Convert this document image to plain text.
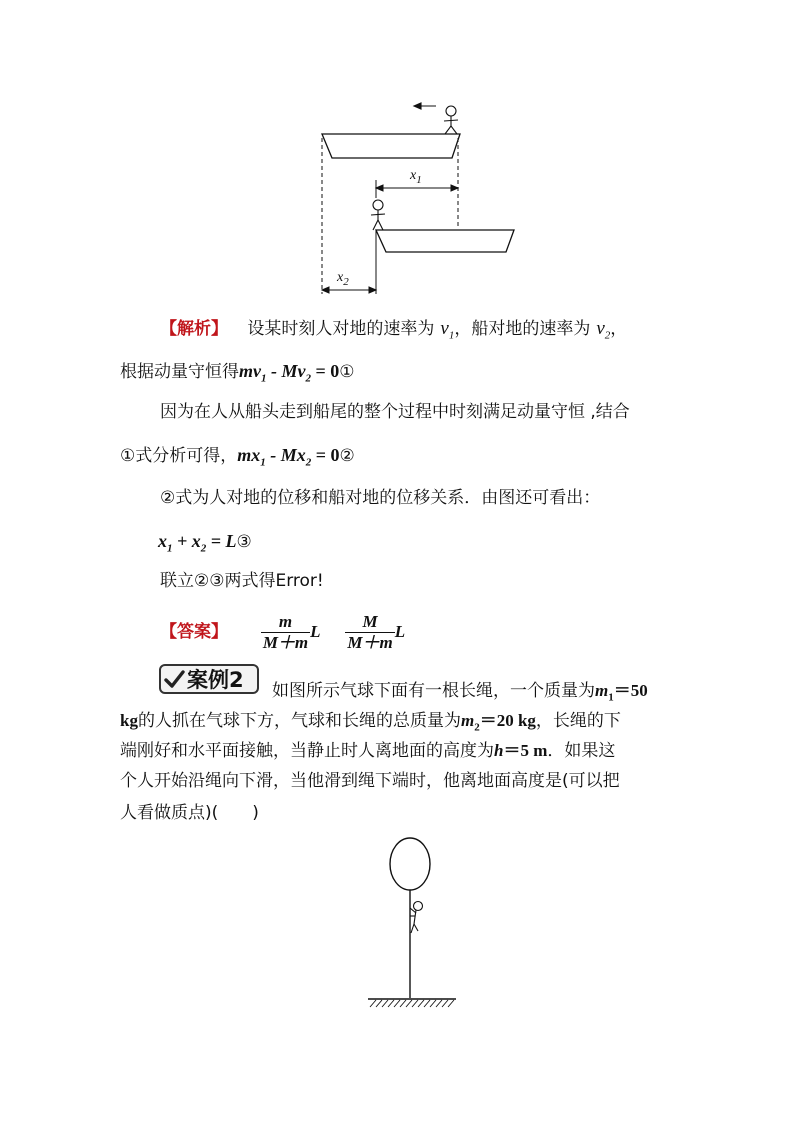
$x_1$
$x_2$
【解析】 设某时刻人对地的速率为 $v_1$，船对地的速率为 $v_2$，
根据动量守恒得$mv_1 - Mv_2$ = 0①
因为在人从船头走到船尾的整个过程中时刻满足动量守恒 ,结合
①式分析可得，$mx_1 - Mx_2$ = 0②
②式为人对地的位移和船对地的位移关系．由图还可看出：
$x_1 + x_2$ = L③
联立②③两式得Error!
【答案】 $\frac{m}{M+m}$ L $\frac{M}{M+m}$ L
案例2 如图所示气球下面有一根长绳，一个质量为$m_1=50$
kg的人抓在气球下方，气球和长绳的总质量为$m_2=20$ kg，长绳的下
端刚好和水平面接触，当静止时人离地面的高度为h＝5 m．如果这
个人开始沿绳向下滑，当他滑到绳下端时，他离地面高度是(可以把
人看做质点)(　　)
